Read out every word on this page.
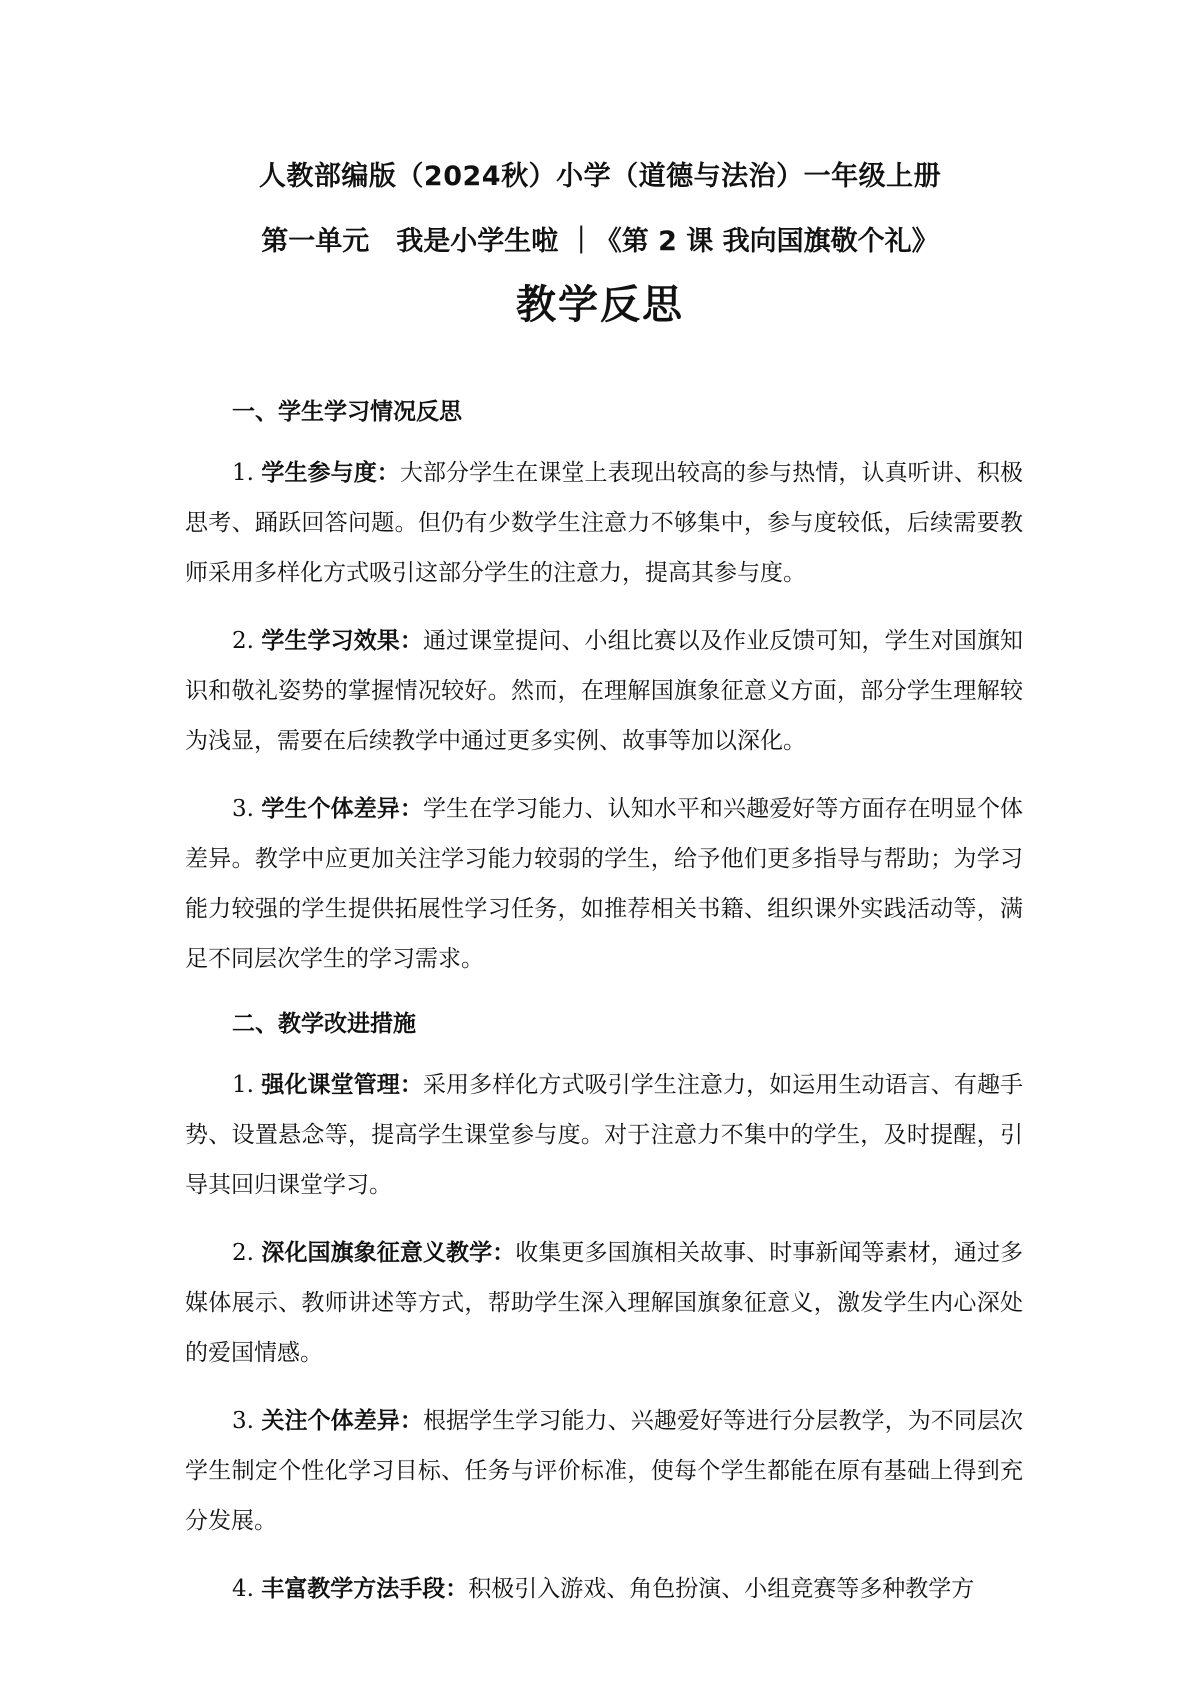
人教部编版（2024秋）小学（道德与法治）一年级上册
第一单元　我是小学生啦 ｜《第 2 课 我向国旗敬个礼》
教学反思

一、学生学习情况反思

1. 学生参与度：大部分学生在课堂上表现出较高的参与热情，认真听讲、积极思考、踊跃回答问题。但仍有少数学生注意力不够集中，参与度较低，后续需要教师采用多样化方式吸引这部分学生的注意力，提高其参与度。

2. 学生学习效果：通过课堂提问、小组比赛以及作业反馈可知，学生对国旗知识和敬礼姿势的掌握情况较好。然而，在理解国旗象征意义方面，部分学生理解较为浅显，需要在后续教学中通过更多实例、故事等加以深化。

3. 学生个体差异：学生在学习能力、认知水平和兴趣爱好等方面存在明显个体差异。教学中应更加关注学习能力较弱的学生，给予他们更多指导与帮助；为学习能力较强的学生提供拓展性学习任务，如推荐相关书籍、组织课外实践活动等，满足不同层次学生的学习需求。

二、教学改进措施

1. 强化课堂管理：采用多样化方式吸引学生注意力，如运用生动语言、有趣手势、设置悬念等，提高学生课堂参与度。对于注意力不集中的学生，及时提醒，引导其回归课堂学习。

2. 深化国旗象征意义教学：收集更多国旗相关故事、时事新闻等素材，通过多媒体展示、教师讲述等方式，帮助学生深入理解国旗象征意义，激发学生内心深处的爱国情感。

3. 关注个体差异：根据学生学习能力、兴趣爱好等进行分层教学，为不同层次学生制定个性化学习目标、任务与评价标准，使每个学生都能在原有基础上得到充分发展。

4. 丰富教学方法手段：积极引入游戏、角色扮演、小组竞赛等多种教学方
